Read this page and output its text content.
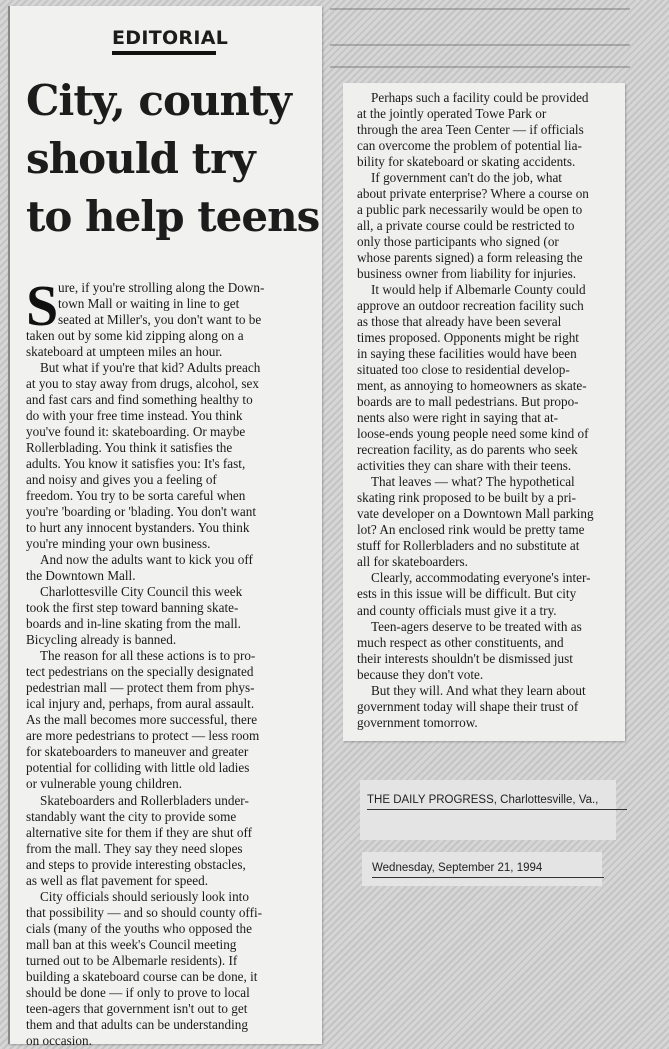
EDITORIAL
City, county
should try
to help teens
S ure, if you're strolling along the Down-

town Mall or waiting in line to get

seated at Miller's, you don't want to be

taken out by some kid zipping along on a

skateboard at umpteen miles an hour.

But what if you're that kid? Adults preach

at you to stay away from drugs, alcohol, sex

and fast cars and find something healthy to

do with your free time instead. You think

you've found it: skateboarding. Or maybe

Rollerblading. You think it satisfies the

adults. You know it satisfies you: It's fast,

and noisy and gives you a feeling of

freedom. You try to be sorta careful when

you're 'boarding or 'blading. You don't want

to hurt any innocent bystanders. You think

you're minding your own business.

And now the adults want to kick you off

the Downtown Mall.

Charlottesville City Council this week

took the first step toward banning skate-

boards and in-line skating from the mall.

Bicycling already is banned.

The reason for all these actions is to pro-

tect pedestrians on the specially designated

pedestrian mall — protect them from phys-

ical injury and, perhaps, from aural assault.

As the mall becomes more successful, there

are more pedestrians to protect — less room

for skateboarders to maneuver and greater

potential for colliding with little old ladies

or vulnerable young children.

Skateboarders and Rollerbladers under-

standably want the city to provide some

alternative site for them if they are shut off

from the mall. They say they need slopes

and steps to provide interesting obstacles,

as well as flat pavement for speed.

City officials should seriously look into

that possibility — and so should county offi-

cials (many of the youths who opposed the

mall ban at this week's Council meeting

turned out to be Albemarle residents). If

building a skateboard course can be done, it

should be done — if only to prove to local

teen-agers that government isn't out to get

them and that adults can be understanding

on occasion.

Perhaps such a facility could be provided

at the jointly operated Towe Park or

through the area Teen Center — if officials

can overcome the problem of potential lia-

bility for skateboard or skating accidents.

If government can't do the job, what

about private enterprise? Where a course on

a public park necessarily would be open to

all, a private course could be restricted to

only those participants who signed (or

whose parents signed) a form releasing the

business owner from liability for injuries.

It would help if Albemarle County could

approve an outdoor recreation facility such

as those that already have been several

times proposed. Opponents might be right

in saying these facilities would have been

situated too close to residential develop-

ment, as annoying to homeowners as skate-

boards are to mall pedestrians. But propo-

nents also were right in saying that at-

loose-ends young people need some kind of

recreation facility, as do parents who seek

activities they can share with their teens.

That leaves — what? The hypothetical

skating rink proposed to be built by a pri-

vate developer on a Downtown Mall parking

lot? An enclosed rink would be pretty tame

stuff for Rollerbladers and no substitute at

all for skateboarders.

Clearly, accommodating everyone's inter-

ests in this issue will be difficult. But city

and county officials must give it a try.

Teen-agers deserve to be treated with as

much respect as other constituents, and

their interests shouldn't be dismissed just

because they don't vote.

But they will. And what they learn about

government today will shape their trust of

government tomorrow.

THE DAILY PROGRESS, Charlottesville, Va.,
Wednesday, September 21, 1994
